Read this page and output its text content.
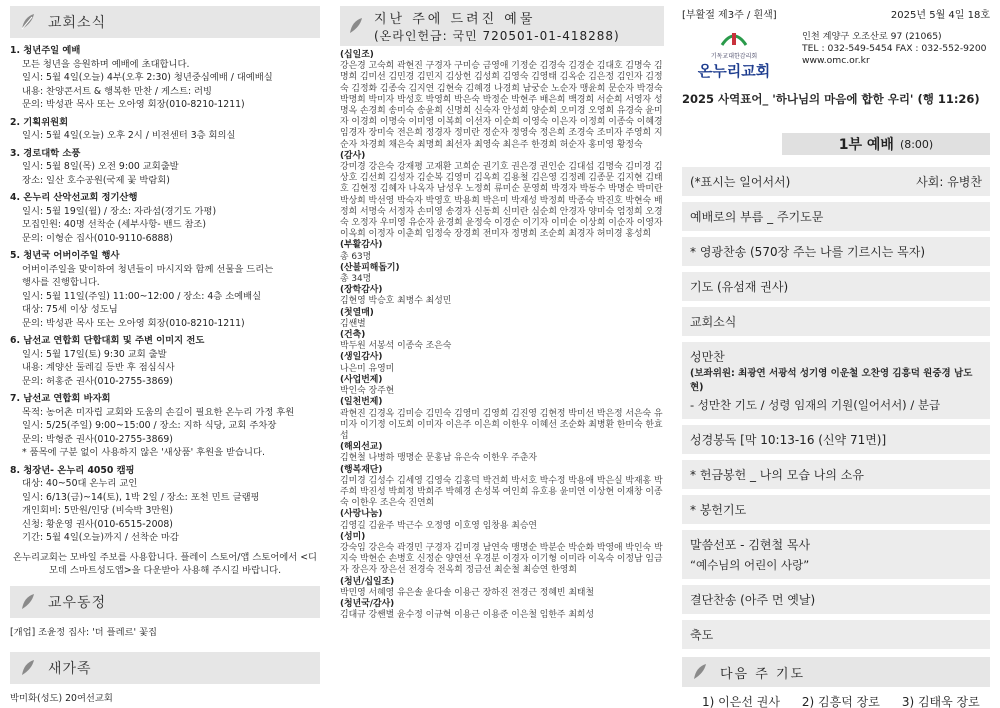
교회소식
1. 청년주일 예배
모든 청년을 응원하며 예배에 초대합니다.
일시: 5월 4일(오늘) 4부(오후 2:30) 청년중심예배 / 대예배실
내용: 찬양콘서트 & 행복한 만찬 / 게스트: 러빙
문의: 박성관 목사 또는 오아영 회장(010-8210-1211)
2. 기획위원회
일시: 5월 4일(오늘) 오후 2시 / 비전센터 3층 회의실
3. 경로대학 소풍
일시: 5월 8일(목) 오전 9:00 교회출발
장소: 일산 호수공원(국제 꽃 박람회)
4. 온누리 산악선교회 정기산행
일시: 5월 19일(월) / 장소: 자라섬(경기도 가평)
모집인원: 40명 선착순 (세부사항- 밴드 참조)
문의: 이형순 집사(010-9110-6888)
5. 청년국 어버이주일 행사
어버이주일을 맞이하여 청년들이 마시지와 함께 선물을 드리는
행사를 진행합니다.
일시: 5월 11일(주일) 11:00~12:00 / 장소: 4층 소예배실
대상: 75세 이상 성도님
문의: 박성관 목사 또는 오아영 회장(010-8210-1211)
6. 남선교 연합회 단합대회 및 주변 이미지 전도
일시: 5월 17일(토) 9:30 교회 출발
내용: 계양산 둘레길 등반 후 점심식사
문의: 허홍준 권사(010-2755-3869)
7. 남선교 연합회 바자회
목적: 농어촌 미자립 교회와 도움의 손길이 필요한 온누리 가정 후원
일시: 5/25(주일) 9:00~15:00 / 장소: 지하 식당, 교회 주차장
문의: 박형준 권사(010-2755-3869)
* 품목에 구분 없이 사용하지 않은 '새상품' 후원을 받습니다.
8. 청장년- 온누리 4050 캠핑
대상: 40~50대 온누리 교인
일시: 6/13(금)~14(토), 1박 2일 / 장소: 포천 민트 글램핑
개인회비: 5만원/인당 (비숙박 3만원)
신청: 황운영 권사(010-6515-2008)
기간: 5월 4일(오늘)까지 / 선착순 마감
온누리교회는 모바일 주보를 사용합니다. 플레이 스토어/앱 스토어에서 <디모데 스마트성도앱>을 다운받아 사용해 주시길 바랍니다.
교우동정
[개업] 조윤정 집사: '더 플레르' 꽃집
새가족
박미화(성도) 20여선교회
지난 주에 드려진 예물
(온라인헌금: 국민 720501-01-418288)
(십일조)
강은경 고숙희 곽현진 구경자 구미승 금영애 기정순 김경숙 김경순 김대호 김명숙 김명희 김미선 김민경 김민지 김상헌 김성희 김영숙 김영태 김옥순 김은정 김인자 김정숙 김정화 김종숙 김지연 김현숙 김혜경 나경희 남궁순 노순자 맹윤희 문순자 박경숙 박명희 박미자 박성호 박영희 박은숙 박정순 박현주 배은희 백경희 서순희 서영자 성명옥 손경희 송미숙 송윤희 신명희 신숙자 안성희 양순희 오미경 오영희 유경숙 윤미자 이경희 이명숙 이미영 이복희 이선자 이순희 이영숙 이은자 이정희 이종숙 이혜경 임경자 장미숙 전은희 정경자 정미란 정순자 정영숙 정은희 조경숙 조미자 주영희 지순자 차경희 채은숙 최명희 최선자 최영숙 최은주 한경희 허순자 홍미영 황정숙
(감사)
강미경 강은숙 강재평 고재환 고희순 권기호 권은경 권인순 김대섭 김명숙 김미경 김상호 김선희 김성자 김순복 김영미 김옥희 김용철 김은영 김정례 김종문 김지현 김태호 김현정 김혜자 나옥자 남성우 노정희 류미순 문영희 박경자 박동수 박명순 박미란 박상희 박선영 박숙자 박영호 박용희 박은미 박재성 박정희 박종숙 박진호 박현숙 배정희 서명숙 서정자 손미영 송경자 신동희 신미란 심순희 안경자 양미숙 엄정희 오경숙 오정자 우미영 유순자 윤경희 윤정숙 이경순 이기자 이미순 이상희 이순자 이영자 이옥희 이정자 이춘희 임정숙 장경희 전미자 정명희 조순희 최경자 허미경 홍성희
(부활감사)
총 63명
(산불피해돕기)
총 34명
(장학감사)
김현영 박승호 최병수 최성민
(첫열매)
김쌘별
(건축)
박두원 서봉석 이종숙 조은숙
(생일감사)
나은미 유영미
(사업번제)
박인숙 장주현
(일천번제)
곽현진 김경옥 김미승 김민숙 김영미 김영희 김진영 김현정 박미선 박은정 서은숙 유미자 이기정 이도희 이미자 이은주 이은희 이한우 이혜선 조순화 최병환 한미숙 한효섭
(해외선교)
김현철 나병하 맹명순 문홍남 유은숙 이한우 주춘자
(행복재단)
김미경 김성수 김세영 김영숙 김홍덕 박건희 박서호 박수정 박용애 박은실 박재홍 박주희 박진성 박희정 박희주 박혜경 손성복 여인희 유호용 윤미연 이상현 이재창 이종숙 이한우 조은숙 진연희
(사랑나눔)
김영길 김윤주 박근수 오정영 이호영 임창용 최승연
(성미)
강숙임 강은숙 곽경민 구경자 김미경 남연숙 맹명순 박분순 박순화 박영애 박인숙 박지숙 박현순 손병호 신정순 양연선 우경분 이경자 이기형 이미라 이옥숙 이정남 임금자 장은자 장은선 전경숙 전옥희 정금선 최순철 최승연 한영희
(청년/십일조)
박민영 서혜영 유은솔 윤다솔 이용근 장하진 전경근 정혜빈 최태철
(청년국/감사)
김대규 강쌘별 윤수정 이규혁 이용근 이용준 이은철 임한주 최희성
[부활절 제3주 / 흰색]	2025년 5월 4일 18호
기독교대한감리회
온누리교회
인천 계양구 오조산로 97 (21065)
TEL : 032-549-5454 FAX : 032-552-9200
www.omc.or.kr
2025 사역표어_ '하나님의 마음에 합한 우리' (행 11:26)
1부 예배 (8:00)
(*표시는 일어서서)	사회: 유병찬
예배로의 부름 _ 주기도문
* 영광찬송 (570장 주는 나를 기르시는 목자)
기도 (유섬재 권사)
교회소식
성만찬
(보좌위원: 최광연 서광석 성기영 이운철 오찬영 김흥덕 원중경 남도현)
- 성만찬 기도 / 성령 임재의 기원(일어서서) / 분급
성경봉독 [막 10:13-16 (신약 71면)]
* 헌금봉헌 _ 나의 모습 나의 소유
* 봉헌기도
말씀선포 - 김현철 목사
“예수님의 어린이 사랑”
결단찬송 (아주 먼 옛날)
축도
다음 주 기도
1) 이은선 권사 2) 김흥덕 장로 3) 김태욱 장로
